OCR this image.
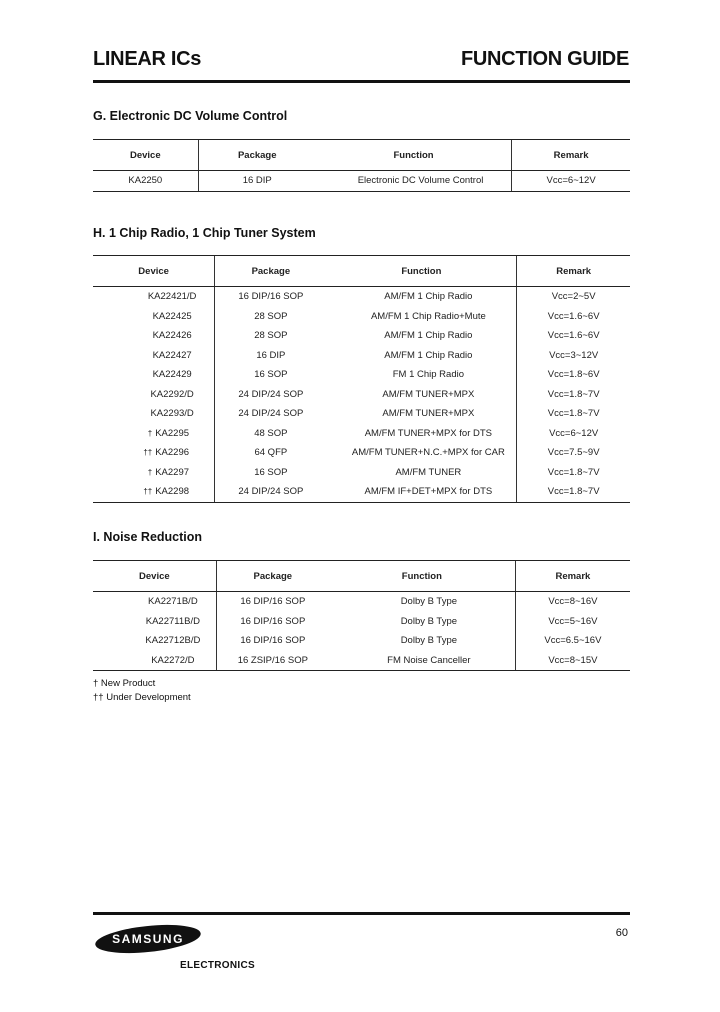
LINEAR ICs	FUNCTION GUIDE
G. Electronic DC Volume Control
Device	Package	Function	Remark
KA2250	16 DIP	Electronic DC Volume Control	Vcc=6~12V
H. 1 Chip Radio, 1 Chip Tuner System
Device	Package	Function	Remark
KA22421/D	16 DIP/16 SOP	AM/FM 1 Chip Radio	Vcc=2~5V
KA22425	28 SOP	AM/FM 1 Chip Radio+Mute	Vcc=1.6~6V
KA22426	28 SOP	AM/FM 1 Chip Radio	Vcc=1.6~6V
KA22427	16 DIP	AM/FM 1 Chip Radio	Vcc=3~12V
KA22429	16 SOP	FM 1 Chip Radio	Vcc=1.8~6V
KA2292/D	24 DIP/24 SOP	AM/FM TUNER+MPX	Vcc=1.8~7V
KA2293/D	24 DIP/24 SOP	AM/FM TUNER+MPX	Vcc=1.8~7V
† KA2295	48 SOP	AM/FM TUNER+MPX for DTS	Vcc=6~12V
†† KA2296	64 QFP	AM/FM TUNER+N.C.+MPX for CAR	Vcc=7.5~9V
† KA2297	16 SOP	AM/FM TUNER	Vcc=1.8~7V
†† KA2298	24 DIP/24 SOP	AM/FM IF+DET+MPX for DTS	Vcc=1.8~7V
I. Noise Reduction
Device	Package	Function	Remark
KA2271B/D	16 DIP/16 SOP	Dolby B Type	Vcc=8~16V
KA22711B/D	16 DIP/16 SOP	Dolby B Type	Vcc=5~16V
KA22712B/D	16 DIP/16 SOP	Dolby B Type	Vcc=6.5~16V
KA2272/D	16 ZSIP/16 SOP	FM Noise Canceller	Vcc=8~15V
† New Product
†† Under Development
60
SAMSUNG
ELECTRONICS
